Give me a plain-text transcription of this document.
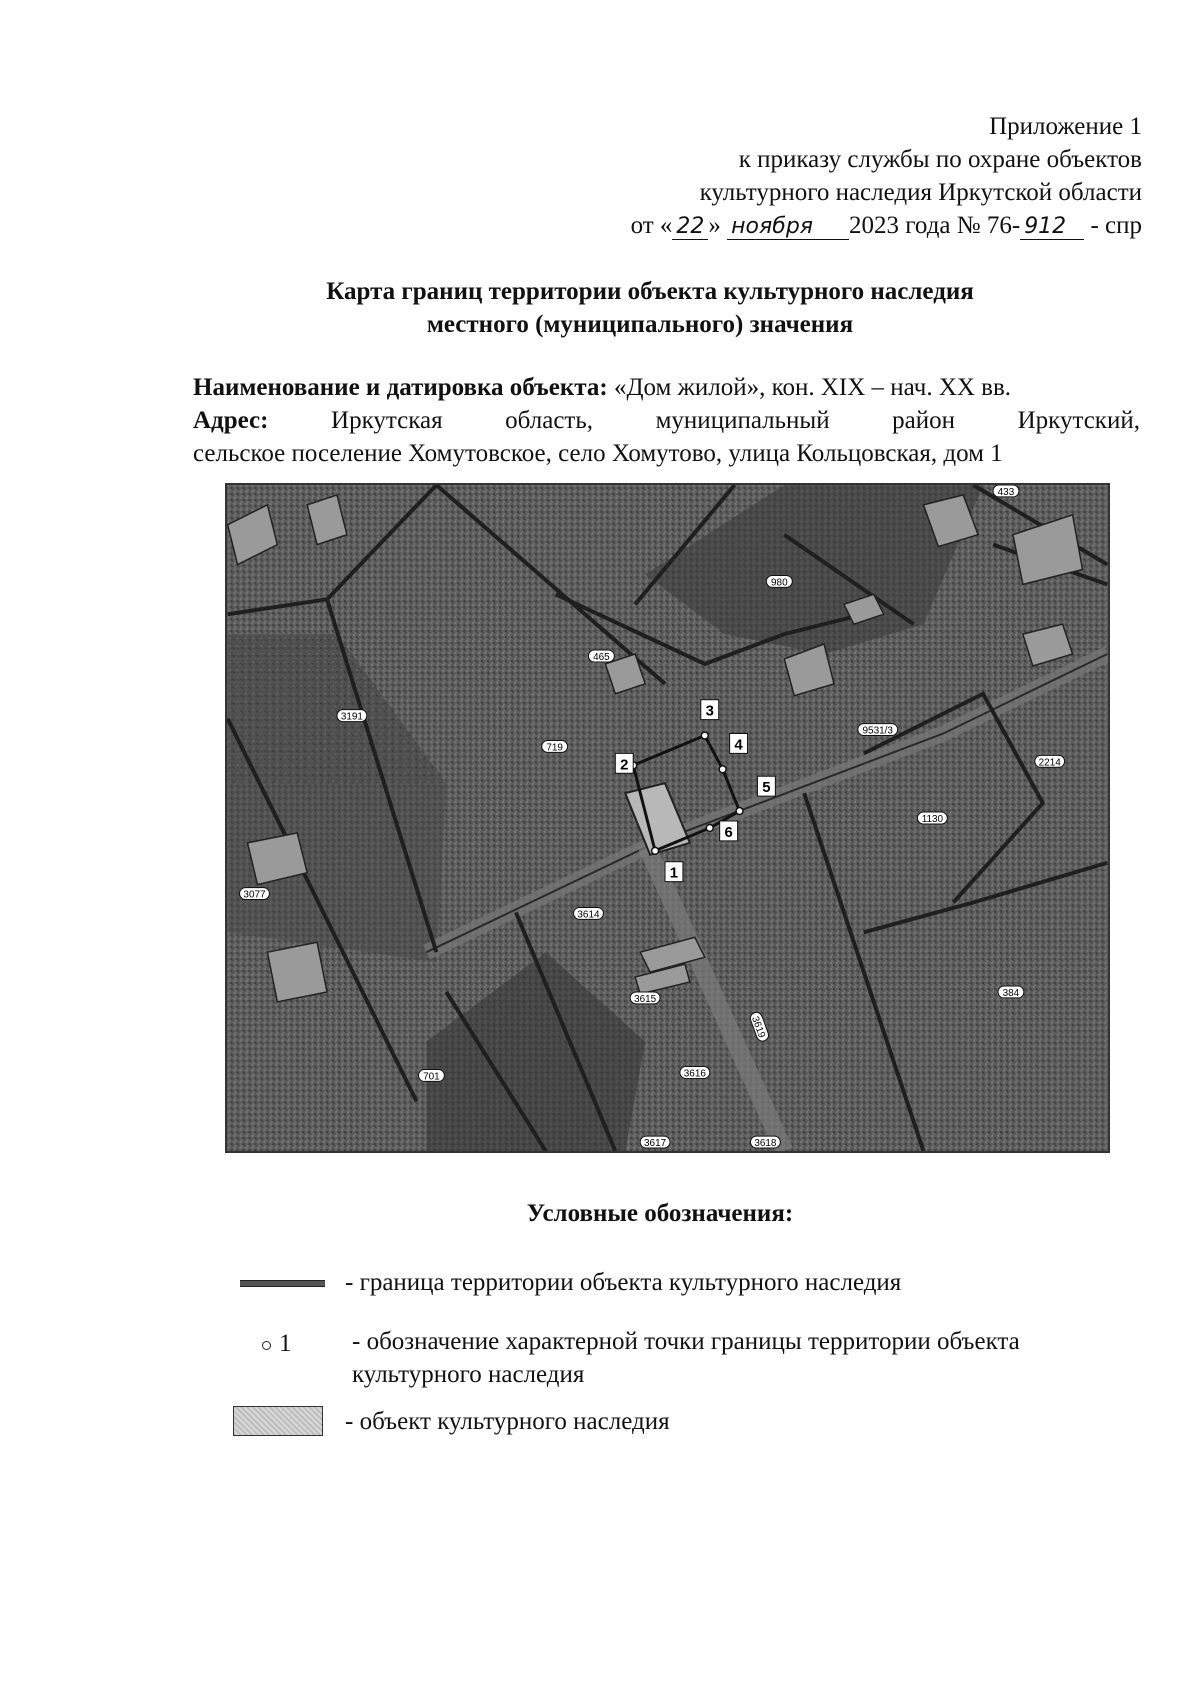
Приложение 1
к приказу службы по охране объектов
культурного наследия Иркутской области
от « 22 » ноября 2023 года № 76- 912 - спр
Карта границ территории объекта культурного наследия
местного (муниципального) значения
Наименование и датировка объекта: «Дом жилой», кон. XIX – нач. XX вв.
Адрес:	Иркутская	область,	муниципальный	район	Иркутский,
сельское поселение Хомутовское, село Хомутово, улица Кольцовская, дом 1
1
2
3
4
5
6
433
980
465
3191
719
9531/3
2214
1130
3077
3614
3615
3619
384
3616
701
3617	3618
Условные обозначения:
- граница территории объекта культурного наследия
1 - обозначение характерной точки границы территории объекта
культурного наследия
- объект культурного наследия
